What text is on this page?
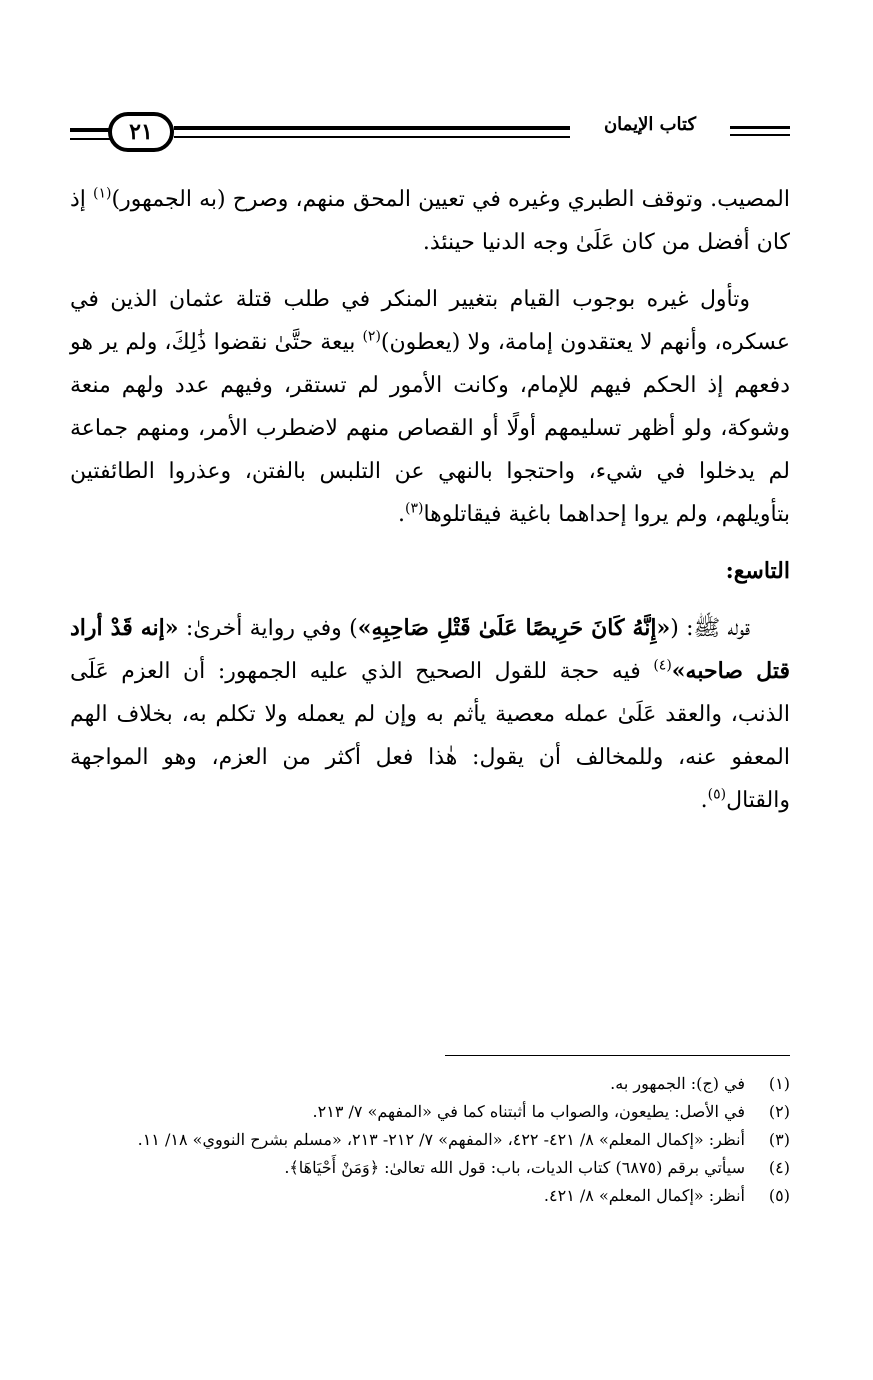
٢١	كتاب الإيمان

المصيب. وتوقف الطبري وغيره في تعيين المحق منهم، وصرح (به الجمهور)$^{(١)}$ إذ كان أفضل من كان عَلَىٰ وجه الدنيا حينئذ.

وتأول غيره بوجوب القيام بتغيير المنكر في طلب قتلة عثمان الذين في عسكره، وأنهم لا يعتقدون إمامة، ولا (يعطون)$^{(٢)}$ بيعة حتَّىٰ نقضوا ذَٰلِكَ، ولم ير هو دفعهم إذ الحكم فيهم للإمام، وكانت الأمور لم تستقر، وفيهم عدد ولهم منعة وشوكة، ولو أظهر تسليمهم أولًا أو القصاص منهم لاضطرب الأمر، ومنهم جماعة لم يدخلوا في شيء، واحتجوا بالنهي عن التلبس بالفتن، وعذروا الطائفتين بتأويلهم، ولم يروا إحداهما باغية فيقاتلوها$^{(٣)}$.

التاسع:

قوله ﷺ: («إِنَّهُ كَانَ حَرِيصًا عَلَىٰ قَتْلِ صَاحِبِهِ») وفي رواية أخرىٰ: «إنه قَدْ أراد قتل صاحبه»$^{(٤)}$ فيه حجة للقول الصحيح الذي عليه الجمهور: أن العزم عَلَى الذنب، والعقد عَلَىٰ عمله معصية يأثم به وإن لم يعمله ولا تكلم به، بخلاف الهم المعفو عنه، وللمخالف أن يقول: هٰذا فعل أكثر من العزم، وهو المواجهة والقتال$^{(٥)}$.

(١)
في (ج): الجمهور به.
(٢)
في الأصل: يطيعون، والصواب ما أثبتناه كما في «المفهم» ٧/ ٢١٣.
(٣)
أنظر: «إكمال المعلم» ٨/ ٤٢١- ٤٢٢، «المفهم» ٧/ ٢١٢- ٢١٣، «مسلم بشرح النووي» ١٨/ ١١.
(٤)
سيأتي برقم (٦٨٧٥) كتاب الديات، باب: قول الله تعالىٰ: ﴿وَمَنْ أَحْيَاهَا﴾.
(٥)
أنظر: «إكمال المعلم» ٨/ ٤٢١.
